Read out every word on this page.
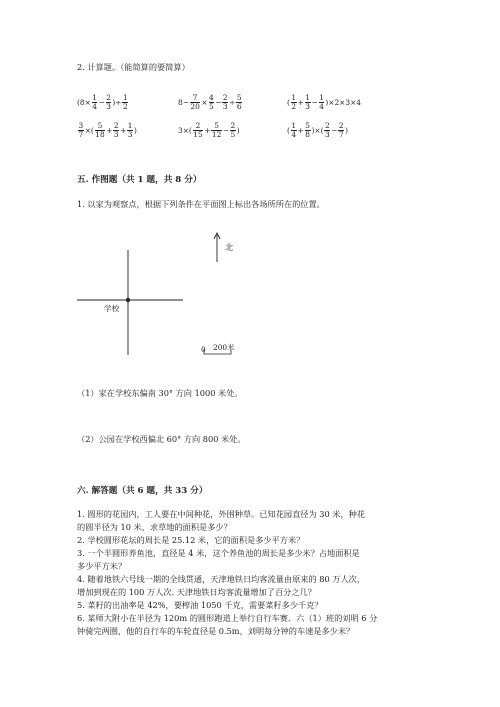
2. 计算题。（能简算的要简算）
($8\times \frac{1}{4} - \frac{2}{3}$ )÷ $\frac{1}{2}$	$8- \frac{7}{20} \times \frac{4}{5} - \frac{2}{3} \div \frac{5}{6}$	( $\frac{1}{2} + \frac{1}{3} - \frac{1}{4} )\times 2\times 3\times 4$
$\frac{3}{7}$ ×( $\frac{5}{18} + \frac{2}{3} + \frac{1}{3}$ )	$3\times( \frac{2}{15} + \frac{5}{12} - \frac{2}{5}$ )	( $\frac{1}{4} + \frac{5}{8}$ )×( $\frac{2}{3} - \frac{2}{7}$ )
五. 作图题（共 1 题，共 8 分）
1. 以家为观察点，根据下列条件在平面图上标出各场所所在的位置。
北
学校
0 200米
（1）家在学校东偏南 30° 方向 1000 米处。
（2）公园在学校西偏北 60° 方向 800 米处。
六. 解答题（共 6 题，共 33 分）
1. 圆形的花园内，工人要在中间种花，外围种草。已知花园直径为 30 米，种花
的圆半径为 10 米，求草地的面积是多少？
2. 学校圆形花坛的周长是 25.12 米，它的面积是多少平方米？
3. 一个半圆形养鱼池，直径是 4 米，这个养鱼池的周长是多少米？占地面积是
多少平方米？
4. 随着地铁六号线一期的全线贯通，天津地铁日均客流量由原来的 80 万人次，
增加到现在的 100 万人次. 天津地铁日均客流量增加了百分之几？
5. 菜籽的出油率是 42%，要榨油 1050 千克，需要菜籽多少千克？
6. 某师大附小在半径为 120m 的圆形跑道上举行自行车赛．六（1）班的刘明 6 分
钟骑完两圈，他的自行车的车轮直径是 0.5m，刘明每分钟的车速是多少米？
